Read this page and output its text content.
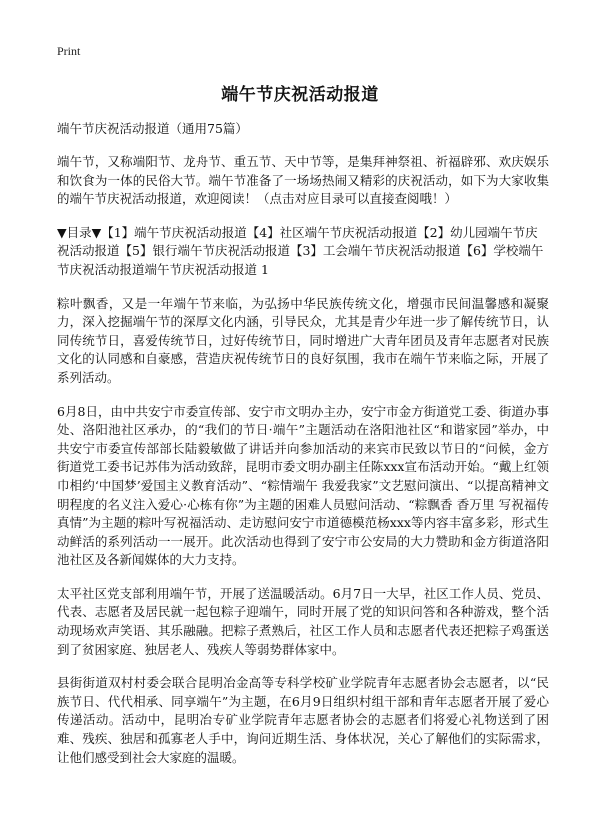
Print
端午节庆祝活动报道

端午节庆祝活动报道（通用75篇）

端午节，又称端阳节、龙舟节、重五节、天中节等，是集拜神祭祖、祈福辟邪、欢庆娱乐和饮食为一体的民俗大节。端午节准备了一场场热闹又精彩的庆祝活动，如下为大家收集的端午节庆祝活动报道，欢迎阅读！（点击对应目录可以直接查阅哦！）

▼目录▼【1】端午节庆祝活动报道【4】社区端午节庆祝活动报道【2】幼儿园端午节庆祝活动报道【5】银行端午节庆祝活动报道【3】工会端午节庆祝活动报道【6】学校端午节庆祝活动报道端午节庆祝活动报道 1

粽叶飘香，又是一年端午节来临，为弘扬中华民族传统文化，增强市民间温馨感和凝聚力，深入挖掘端午节的深厚文化内涵，引导民众，尤其是青少年进一步了解传统节日，认同传统节日，喜爱传统节日，过好传统节日，同时增进广大青年团员及青年志愿者对民族文化的认同感和自豪感，营造庆祝传统节日的良好氛围，我市在端午节来临之际，开展了系列活动。

6月8日，由中共安宁市委宣传部、安宁市文明办主办，安宁市金方街道党工委、街道办事处、洛阳池社区承办，的“我们的节日·端午”主题活动在洛阳池社区“和谐家园”举办，中共安宁市委宣传部部长陆毅敏做了讲话并向参加活动的来宾市民致以节日的“问候，金方街道党工委书记苏伟为活动致辞，昆明市委文明办副主任陈xxx宣布活动开始。“戴上红领巾相约‘中国梦’爱国主义教育活动”、“粽情端午 我爱我家”文艺慰问演出、“以提高精神文明程度的名义注入爱心·心栋有你”为主题的困难人员慰问活动、“粽飘香 香万里 写祝福传真情”为主题的粽叶写祝福活动、走访慰问安宁市道德模范杨xxx等内容丰富多彩，形式生动鲜活的系列活动一一展开。此次活动也得到了安宁市公安局的大力赞助和金方街道洛阳池社区及各新闻媒体的大力支持。

太平社区党支部利用端午节，开展了送温暖活动。6月7日一大早，社区工作人员、党员、代表、志愿者及居民就一起包粽子迎端午，同时开展了党的知识问答和各种游戏，整个活动现场欢声笑语、其乐融融。把粽子煮熟后，社区工作人员和志愿者代表还把粽子鸡蛋送到了贫困家庭、独居老人、残疾人等弱势群体家中。

县街街道双村村委会联合昆明冶金高等专科学校矿业学院青年志愿者协会志愿者，以“民族节日、代代相承、同享端午”为主题，在6月9日组织村组干部和青年志愿者开展了爱心传递活动。活动中，昆明冶专矿业学院青年志愿者协会的志愿者们将爱心礼物送到了困难、残疾、独居和孤寡老人手中，询问近期生活、身体状况，关心了解他们的实际需求，让他们感受到社会大家庭的温暖。
